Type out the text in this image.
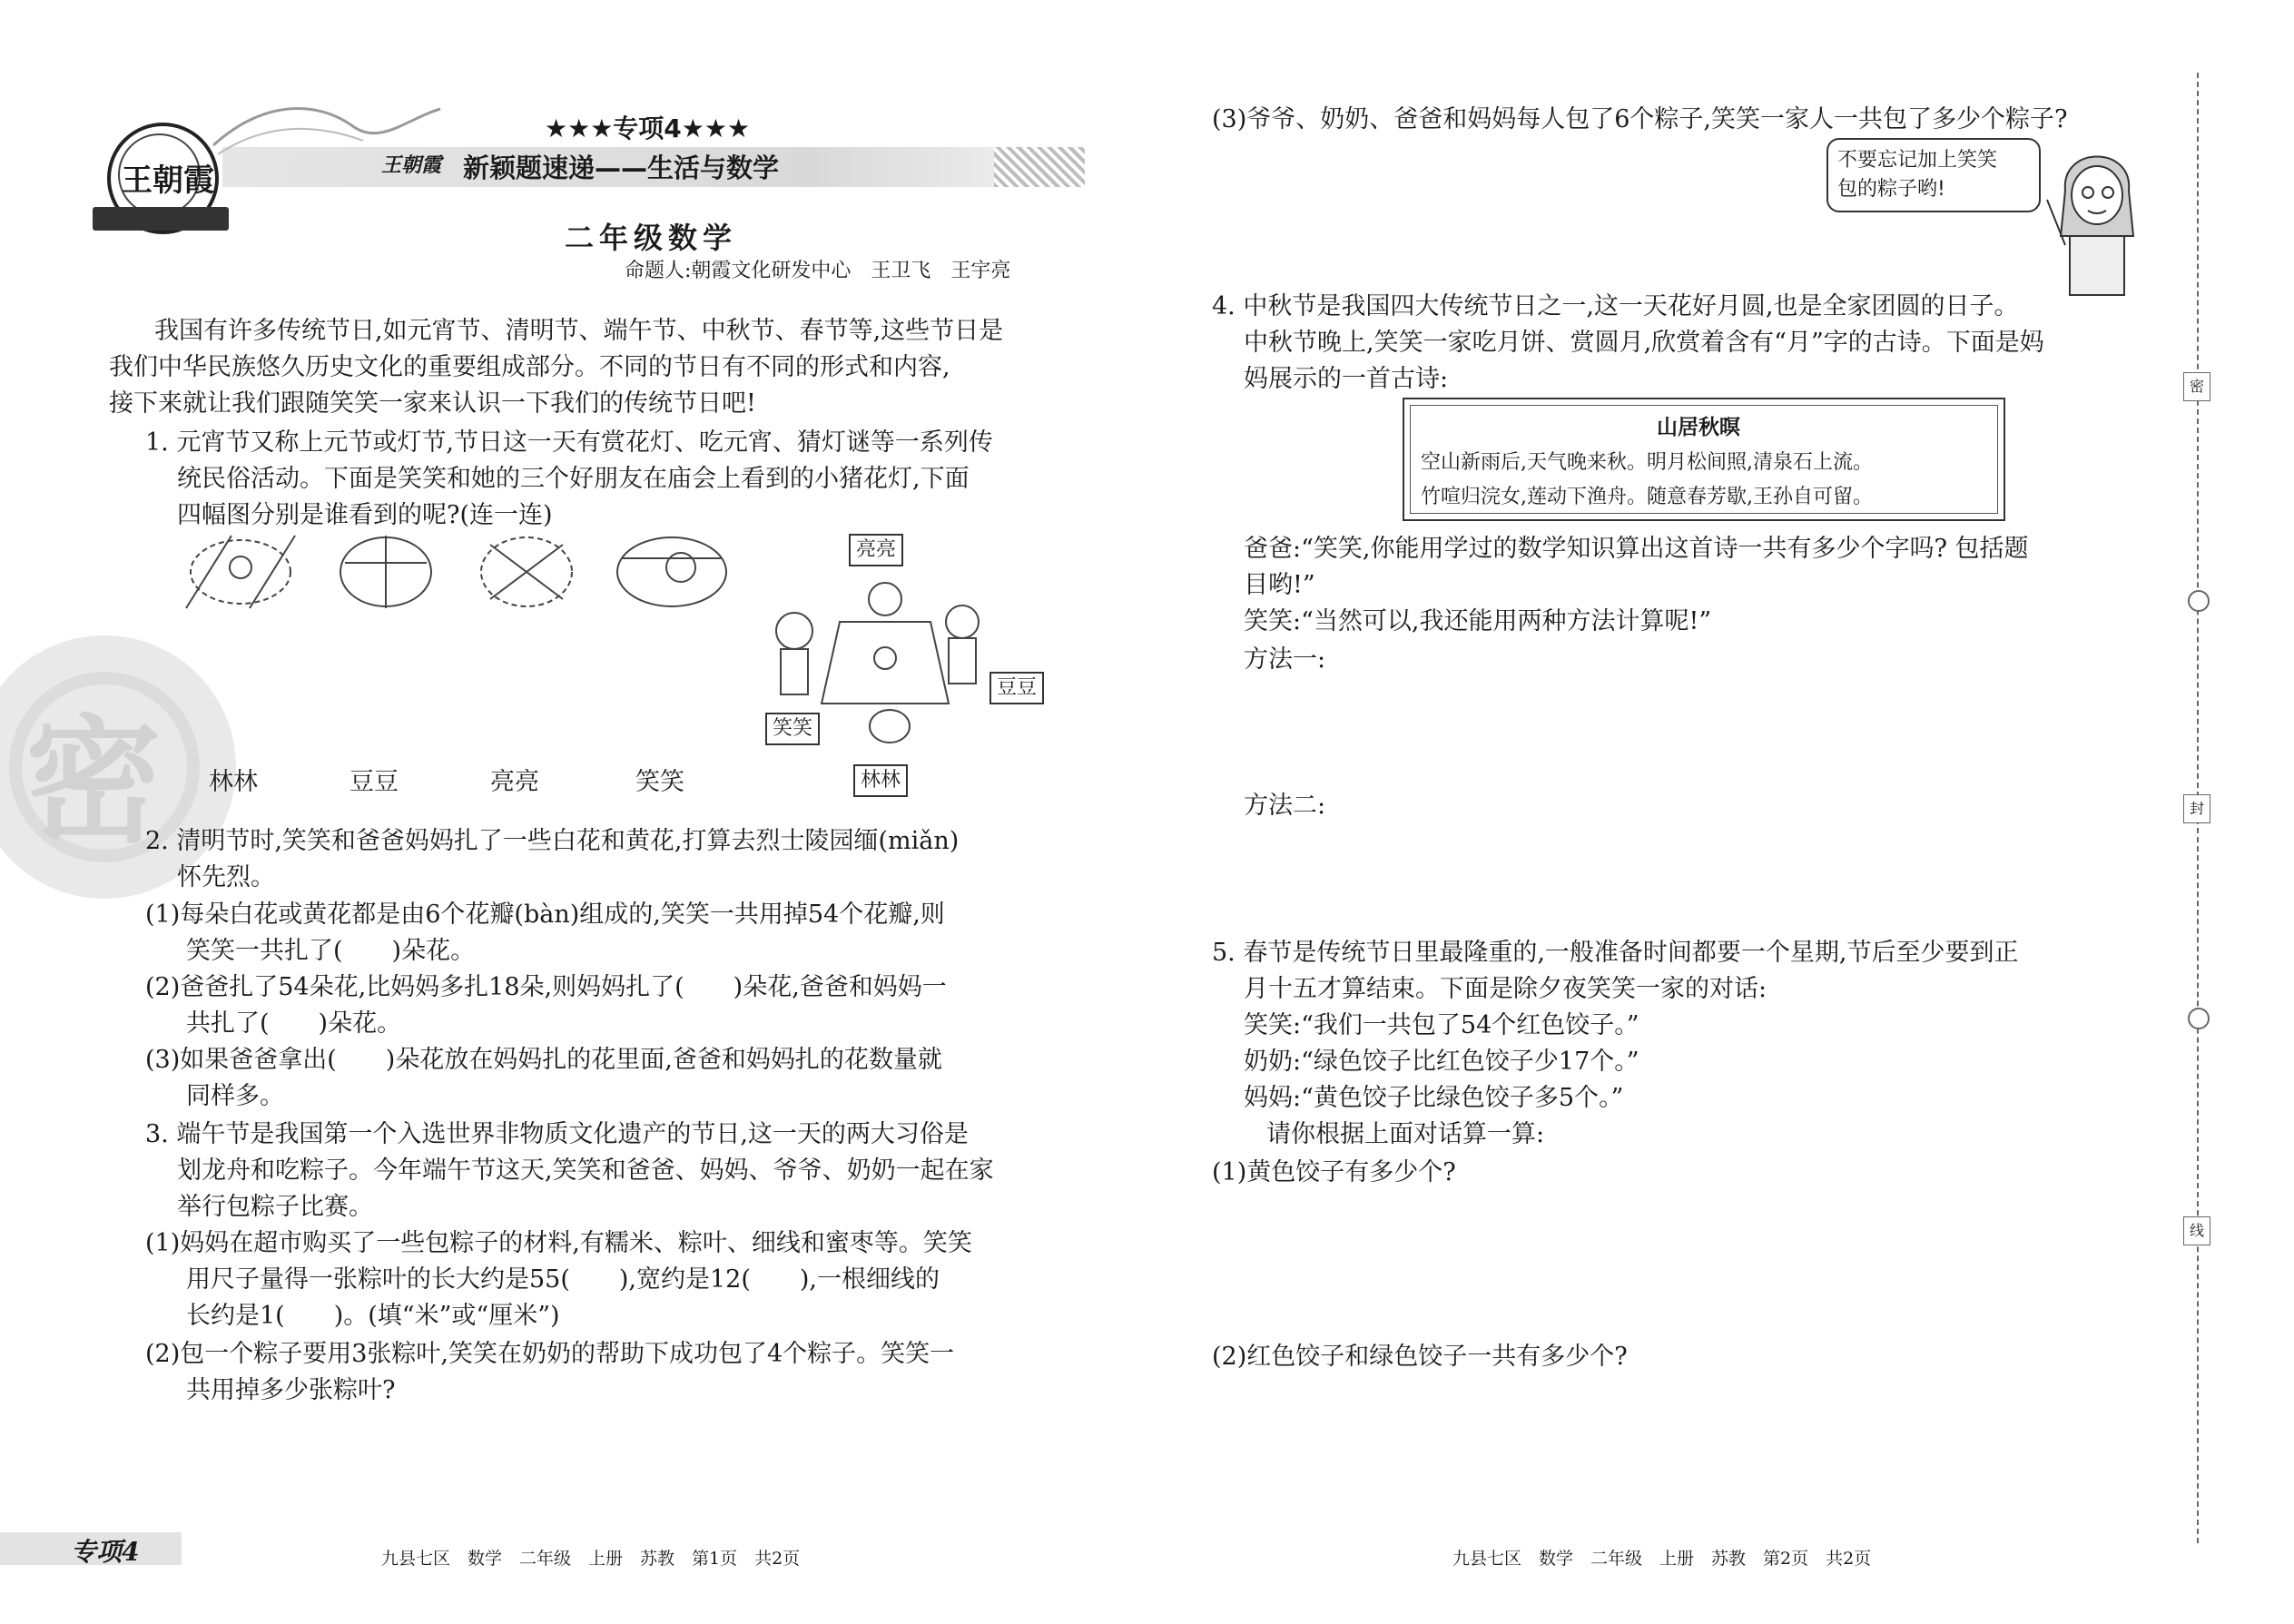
密
王朝霞
★★★专项4★★★
王朝霞 新颖题速递——生活与数学
二年级数学
命题人:朝霞文化研发中心　王卫飞　王宇亮
我国有许多传统节日,如元宵节、清明节、端午节、中秋节、春节等,这些节日是
我们中华民族悠久历史文化的重要组成部分。不同的节日有不同的形式和内容,
接下来就让我们跟随笑笑一家来认识一下我们的传统节日吧!
1. 元宵节又称上元节或灯节,节日这一天有赏花灯、吃元宵、猜灯谜等一系列传
统民俗活动。下面是笑笑和她的三个好朋友在庙会上看到的小猪花灯,下面
四幅图分别是谁看到的呢?(连一连)
亮亮
豆豆
笑笑
林林
林林	豆豆	亮亮	笑笑
2. 清明节时,笑笑和爸爸妈妈扎了一些白花和黄花,打算去烈士陵园缅(miǎn)
怀先烈。
(1)每朵白花或黄花都是由6个花瓣(bàn)组成的,笑笑一共用掉54个花瓣,则
笑笑一共扎了(　　)朵花。
(2)爸爸扎了54朵花,比妈妈多扎18朵,则妈妈扎了(　　)朵花,爸爸和妈妈一
共扎了(　　)朵花。
(3)如果爸爸拿出(　　)朵花放在妈妈扎的花里面,爸爸和妈妈扎的花数量就
同样多。
3. 端午节是我国第一个入选世界非物质文化遗产的节日,这一天的两大习俗是
划龙舟和吃粽子。今年端午节这天,笑笑和爸爸、妈妈、爷爷、奶奶一起在家
举行包粽子比赛。
(1)妈妈在超市购买了一些包粽子的材料,有糯米、粽叶、细线和蜜枣等。笑笑
用尺子量得一张粽叶的长大约是55(　　),宽约是12(　　),一根细线的
长约是1(　　)。(填“米”或“厘米”)
(2)包一个粽子要用3张粽叶,笑笑在奶奶的帮助下成功包了4个粽子。笑笑一
共用掉多少张粽叶?
专项4	九县七区　数学　二年级　上册　苏教　第1页　共2页
(3)爷爷、奶奶、爸爸和妈妈每人包了6个粽子,笑笑一家人一共包了多少个粽子?
不要忘记加上笑笑
包的粽子哟!
4. 中秋节是我国四大传统节日之一,这一天花好月圆,也是全家团圆的日子。
中秋节晚上,笑笑一家吃月饼、赏圆月,欣赏着含有“月”字的古诗。下面是妈
妈展示的一首古诗:
山居秋暝
空山新雨后,天气晚来秋。明月松间照,清泉石上流。
竹喧归浣女,莲动下渔舟。随意春芳歇,王孙自可留。
爸爸:“笑笑,你能用学过的数学知识算出这首诗一共有多少个字吗? 包括题
目哟!”
笑笑:“当然可以,我还能用两种方法计算呢!”
方法一:
方法二:
5. 春节是传统节日里最隆重的,一般准备时间都要一个星期,节后至少要到正
月十五才算结束。下面是除夕夜笑笑一家的对话:
笑笑:“我们一共包了54个红色饺子。”
奶奶:“绿色饺子比红色饺子少17个。”
妈妈:“黄色饺子比绿色饺子多5个。”
请你根据上面对话算一算:
(1)黄色饺子有多少个?
(2)红色饺子和绿色饺子一共有多少个?
密
封
线
九县七区　数学　二年级　上册　苏教　第2页　共2页
